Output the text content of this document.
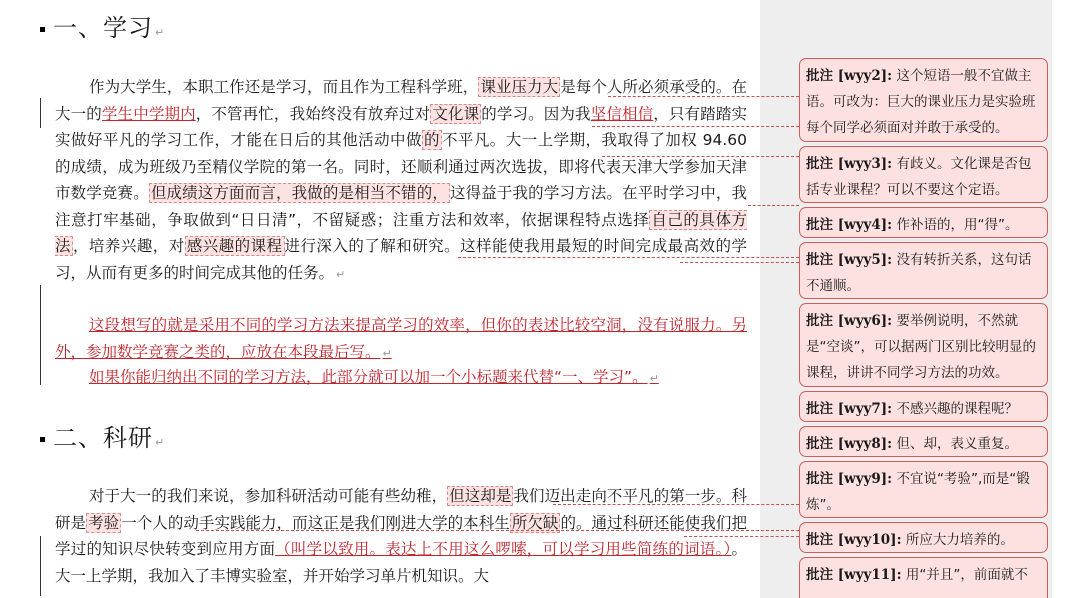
一、学习 ↵
作为大学生，本职工作还是学习，而且作为工程科学班， 课业压力大 是每个人所必须承受的。在大一的学生中学期内，不管再忙，我始终没有放弃过对 文化课 的学习。因为我坚信相信，只有踏踏实实做好平凡的学习工作，才能在日后的其他活动中做 的 不平凡。大一上学期，我取得了加权 94.60 的成绩，成为班级乃至精仪学院的第一名。同时，还顺利通过两次选拔，即将代表天津大学参加天津市数学竞赛。 但成绩这方面而言，我做的是相当不错的， 这得益于我的学习方法。在平时学习中，我注意打牢基础，争取做到“日日清”，不留疑惑；注重方法和效率，依据课程特点选择 自己的具体方法 ，培养兴趣，对 感兴趣的课程 进行深入的了解和研究。这样能使我用最短的时间完成最高效的学习，从而有更多的时间完成其他的任务。 ↵
这段想写的就是采用不同的学习方法来提高学习的效率，但你的表述比较空洞，没有说服力。另外，参加数学竞赛之类的，应放在本段最后写。 ↵
如果你能归纳出不同的学习方法，此部分就可以加一个小标题来代替“一、学习”。 ↵
二、科研 ↵
对于大一的我们来说，参加科研活动可能有些幼稚， 但这却是 我们迈出走向不平凡的第一步。科研是 考验 一个人的动手实践能力，而这正是我们刚进大学的本科生 所欠缺 的。通过科研还能使我们把学过的知识尽快转变到应用方面（叫学以致用。表达上不用这么啰嗦，可以学习用些简练的词语。）。大一上学期，我加入了丰博实验室，并开始学习单片机知识。大
批注 [wyy2]: 这个短语一般不宜做主语。可改为：巨大的课业压力是实验班每个同学必须面对并敢于承受的。
批注 [wyy3]: 有歧义。文化课是否包括专业课程？可以不要这个定语。
批注 [wyy4]: 作补语的，用“得”。
批注 [wyy5]: 没有转折关系，这句话不通顺。
批注 [wyy6]: 要举例说明，不然就是“空谈”，可以据两门区别比较明显的课程，讲讲不同学习方法的功效。
批注 [wyy7]: 不感兴趣的课程呢？
批注 [wyy8]: 但、却，表义重复。
批注 [wyy9]: 不宜说“考验”,而是“锻炼”。
批注 [wyy10]: 所应大力培养的。
批注 [wyy11]: 用“并且”，前面就不
